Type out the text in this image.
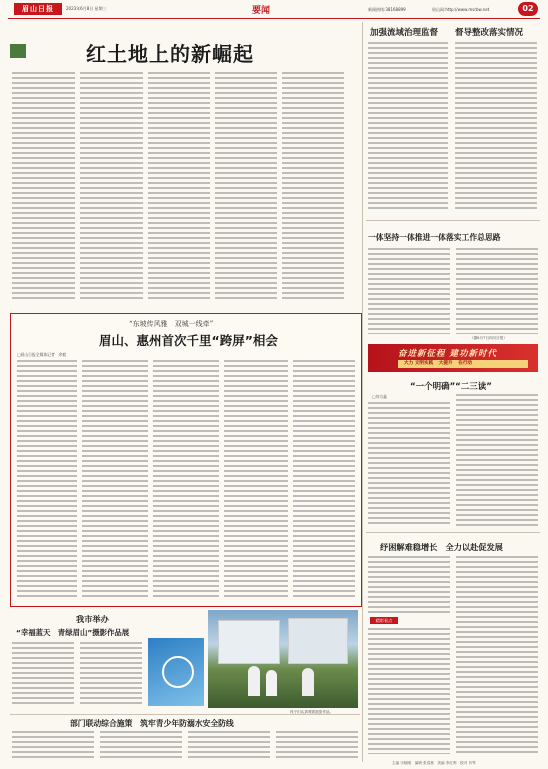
眉山日报	2023年6月8日 星期三	要闻	新闻热线:38168899	眉山网:http://www.msrbw.net	02
红土地上的新崛起
加强流域治理监督 督导整改落实情况
一体坚持一体推进一体落实工作总思路
（据8月7日四川日报）
奋进新征程 建功新时代
大力 文明实践 大提升 在行动
“一个明确”“二三读”
□何宗鑫
“东坡传风雅　双城一线牵”
眉山、惠州首次千里“跨屏”相会
□眉山日报全媒体记者　余毅
纾困解难稳增长　全力以赴促发展
精彩看点
我市举办
“幸福蓝天　青绿眉山”摄影作品展
孩子们认真观看展览作品。
部门联动综合施策　筑牢青少年防溺水安全防线
主编 宗晓刚　编辑 张春燕　美编 李红利　校对 肖琴
